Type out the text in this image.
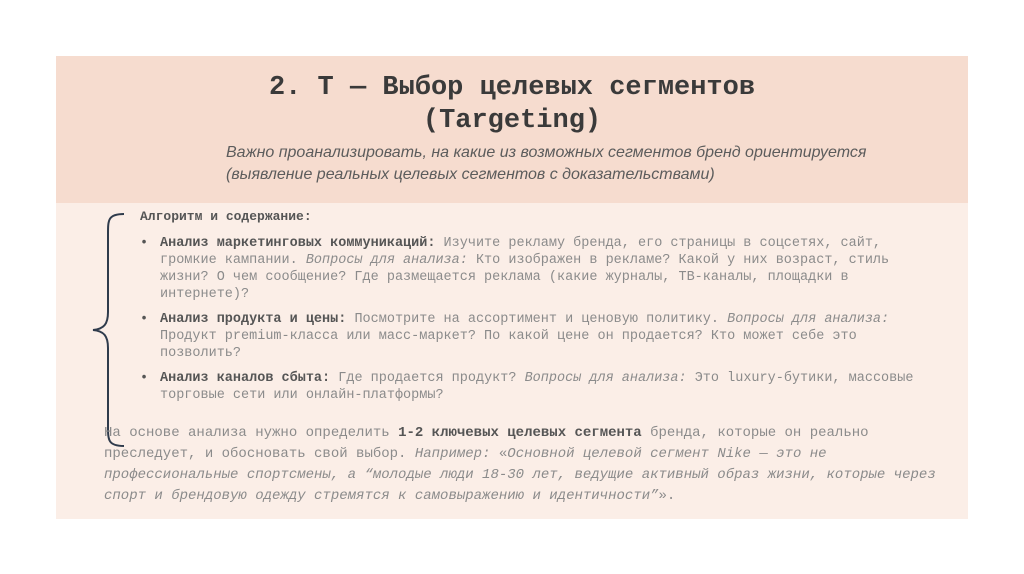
2. T — Выбор целевых сегментов
(Targeting)
Важно проанализировать, на какие из возможных сегментов бренд ориентируется (выявление реальных целевых сегментов с доказательствами)
Алгоритм и содержание:
• Анализ маркетинговых коммуникаций: Изучите рекламу бренда, его страницы в соцсетях, сайт, громкие кампании. Вопросы для анализа: Кто изображен в рекламе? Какой у них возраст, стиль жизни? О чем сообщение? Где размещается реклама (какие журналы, ТВ-каналы, площадки в интернете)?
• Анализ продукта и цены: Посмотрите на ассортимент и ценовую политику. Вопросы для анализа: Продукт premium-класса или масс-маркет? По какой цене он продается? Кто может себе это позволить?
• Анализ каналов сбыта: Где продается продукт? Вопросы для анализа: Это luxury-бутики, массовые торговые сети или онлайн-платформы?
На основе анализа нужно определить 1-2 ключевых целевых сегмента бренда, которые он реально преследует, и обосновать свой выбор. Например: «Основной целевой сегмент Nike — это не профессиональные спортсмены, а “молодые люди 18-30 лет, ведущие активный образ жизни, которые через спорт и брендовую одежду стремятся к самовыражению и идентичности”».
